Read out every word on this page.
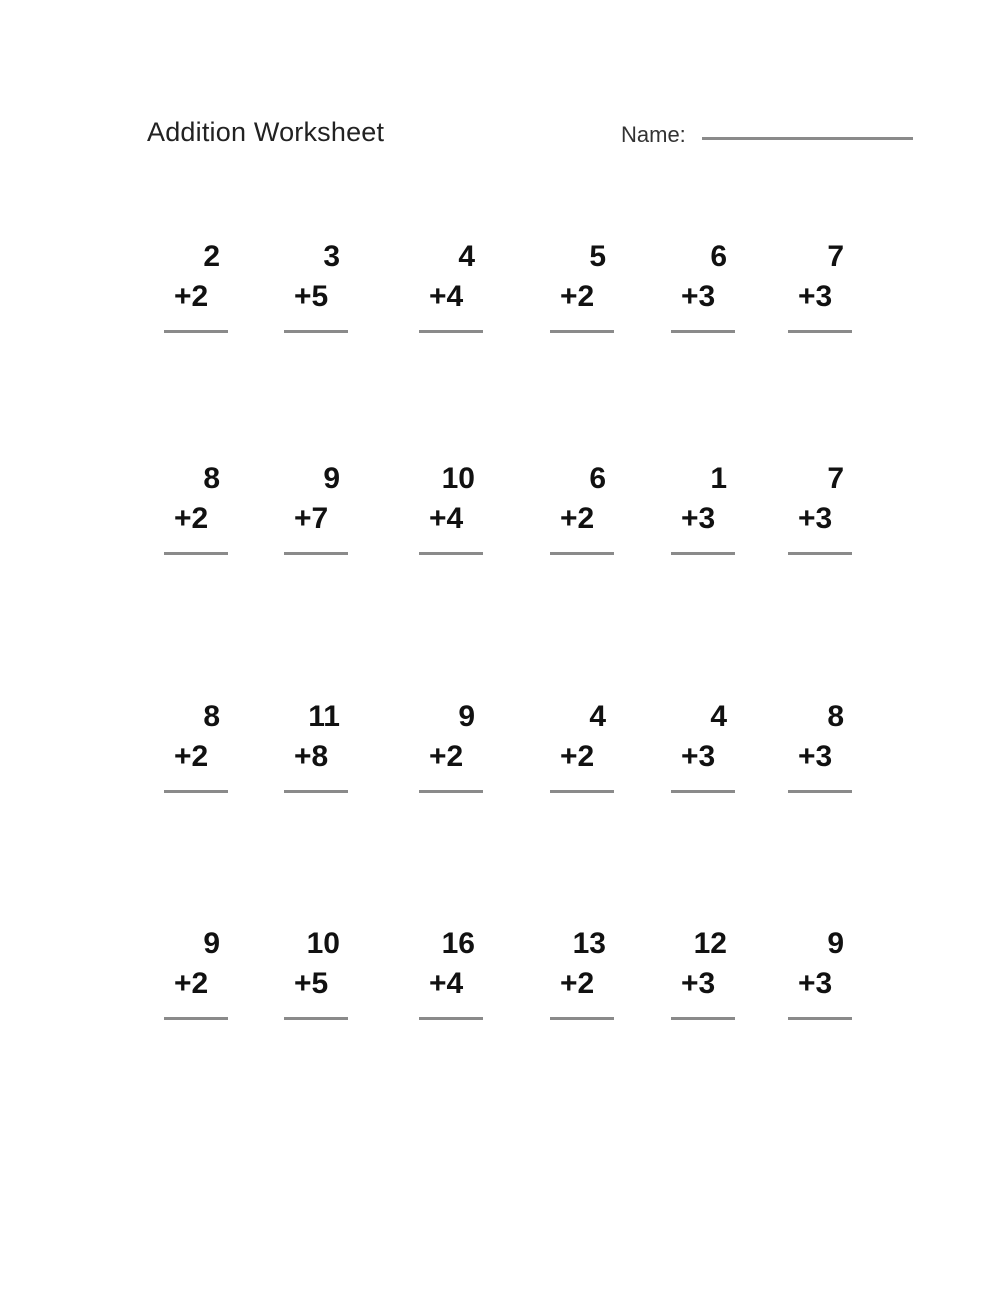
Addition Worksheet	Name:
2
+2
3
+5
4
+4
5
+2
6
+3
7
+3
8
+2
9
+7
10
+4
6
+2
1
+3
7
+3
8
+2
11
+8
9
+2
4
+2
4
+3
8
+3
9
+2
10
+5
16
+4
13
+2
12
+3
9
+3
